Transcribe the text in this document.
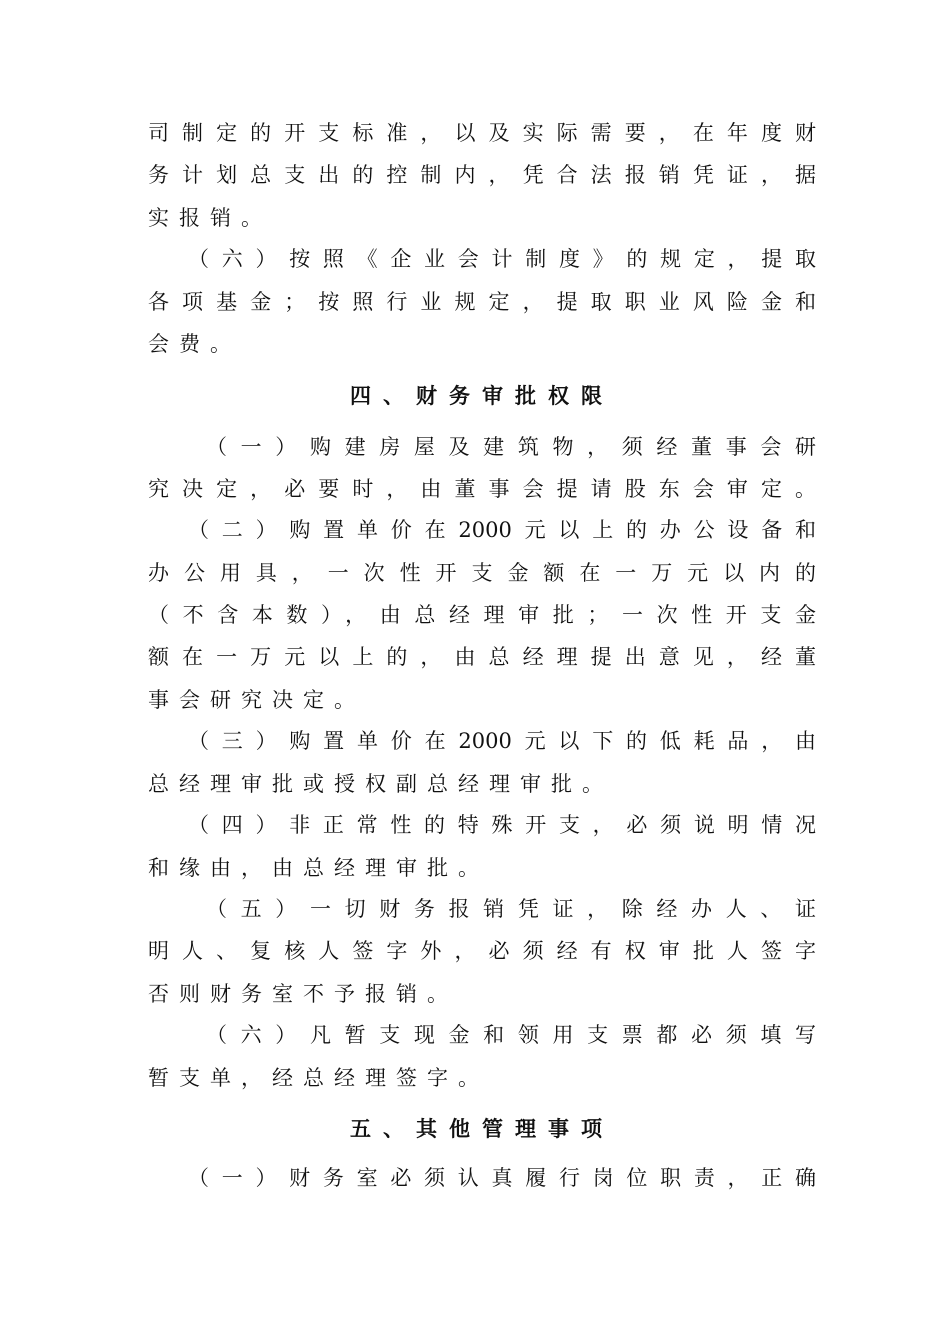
司制定的开支标准，以及实际需要，在年度财
务计划总支出的控制内，凭合法报销凭证，据
实报销。
（六）按照《企业会计制度》的规定，提取
各项基金；按照行业规定，提取职业风险金和
会费。
四、财务审批权限
（一）购建房屋及建筑物，须经董事会研
究决定，必要时，由董事会提请股东会审定。
（二）购置单价在2000元以上的办公设备和
办公用具，一次性开支金额在一万元以内的
（不含本数），由总经理审批；一次性开支金
额在一万元以上的，由总经理提出意见，经董
事会研究决定。
（三）购置单价在2000元以下的低耗品，由
总经理审批或授权副总经理审批。
（四）非正常性的特殊开支，必须说明情况
和缘由，由总经理审批。
（五）一切财务报销凭证，除经办人、证
明人、复核人签字外，必须经有权审批人签字
否则财务室不予报销。
（六）凡暂支现金和领用支票都必须填写
暂支单，经总经理签字。
五、其他管理事项
（一）财务室必须认真履行岗位职责，正确
